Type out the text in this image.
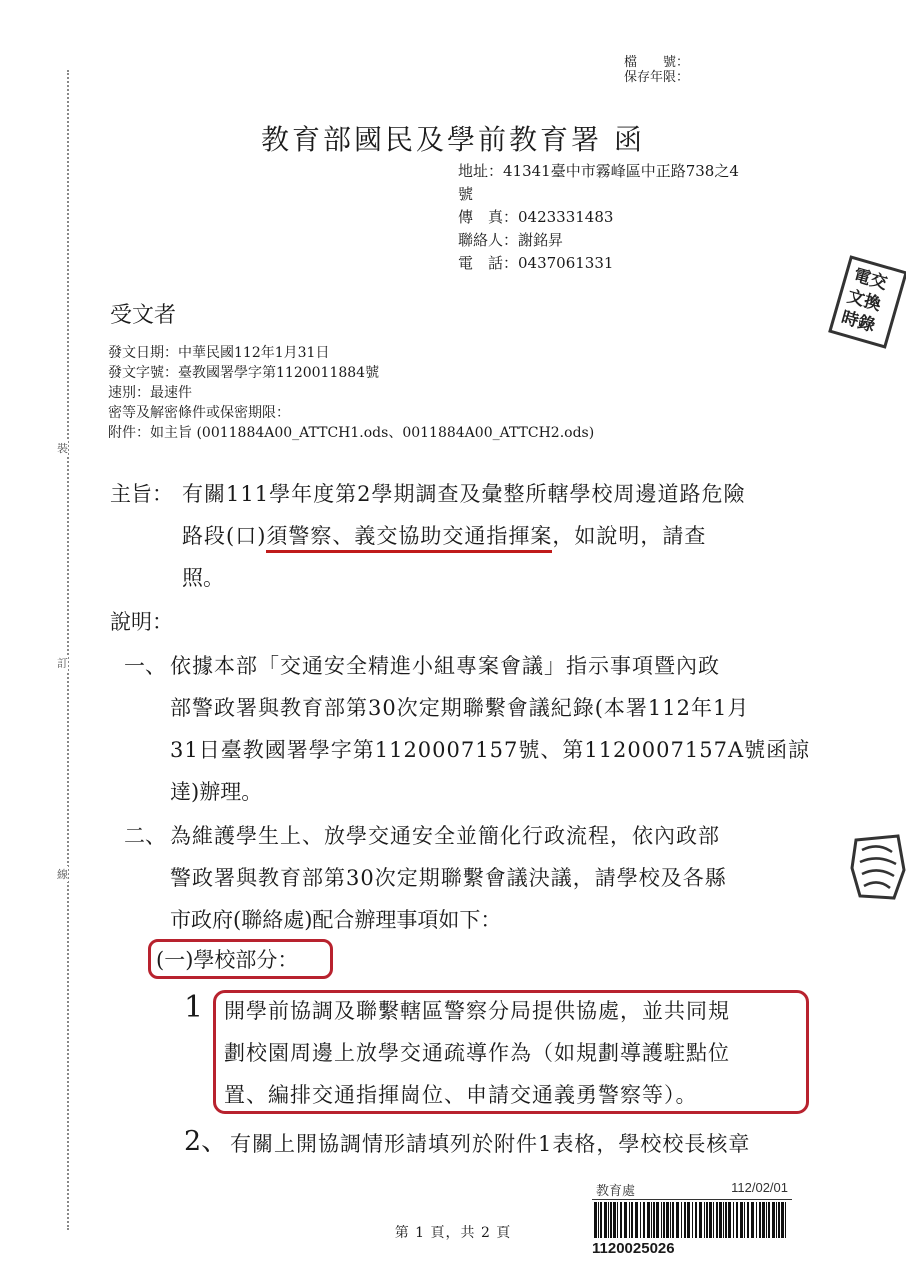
裝
訂
線
檔　　號：
保存年限：
教育部國民及學前教育署 函
地址：41341臺中市霧峰區中正路738之4
號
傳　真：0423331483
聯絡人：謝銘昇
電　話：0437061331
電交
文換
時錄
受文者
發文日期：中華民國112年1月31日
發文字號：臺教國署學字第1120011884號
速別：最速件
密等及解密條件或保密期限：
附件：如主旨 (0011884A00_ATTCH1.ods、0011884A00_ATTCH2.ods)
主旨： 有關111學年度第2學期調查及彙整所轄學校周邊道路危險
路段(口)須警察、義交協助交通指揮案，如說明，請查
照。
說明：
一、 依據本部「交通安全精進小組專案會議」指示事項暨內政
部警政署與教育部第30次定期聯繫會議紀錄(本署112年1月
31日臺教國署學字第1120007157號、第1120007157A號函諒
達)辦理。
二、 為維護學生上、放學交通安全並簡化行政流程，依內政部
警政署與教育部第30次定期聯繫會議決議，請學校及各縣
市政府(聯絡處)配合辦理事項如下：
(一)學校部分：
1 開學前協調及聯繫轄區警察分局提供協處，並共同規
劃校園周邊上放學交通疏導作為（如規劃導護駐點位
置、編排交通指揮崗位、申請交通義勇警察等）。
2、 有關上開協調情形請填列於附件1表格，學校校長核章
教育處	112/02/01
1120025026
第 1 頁，共 2 頁
